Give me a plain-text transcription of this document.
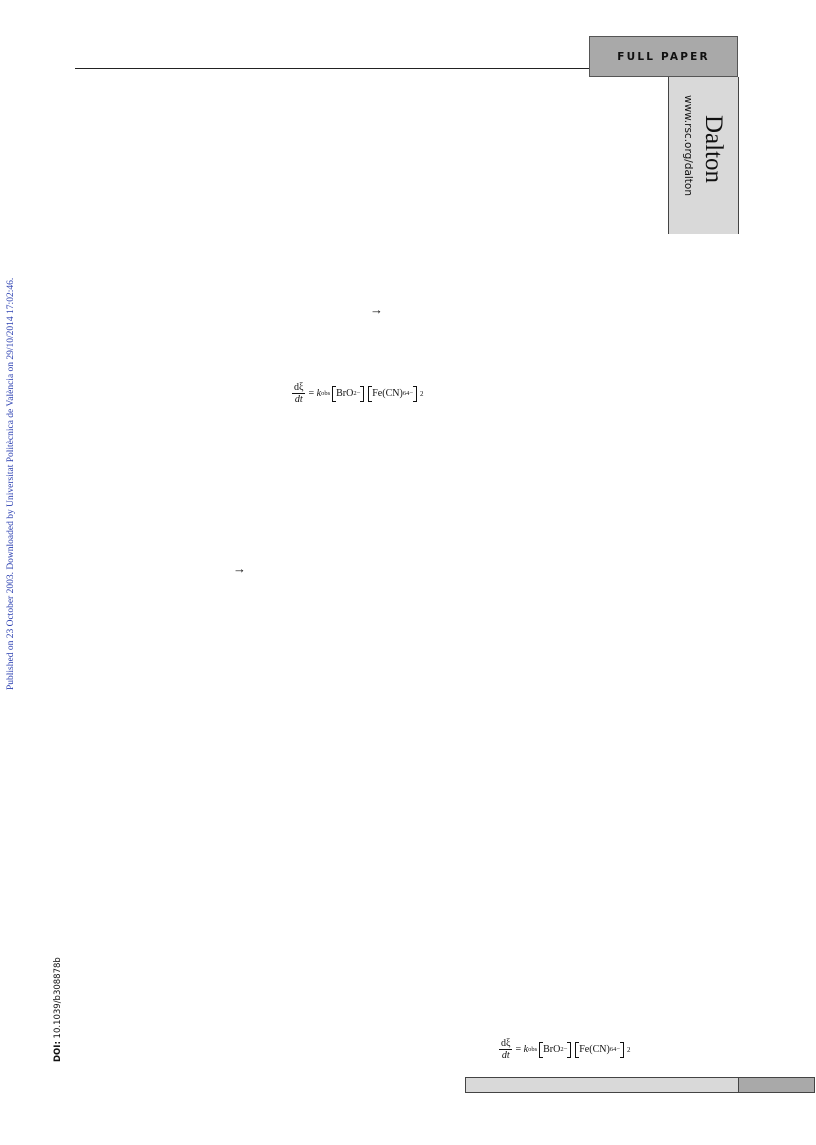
Published on 23 October 2003. Downloaded by Universitat Politècnica de València on 29/10/2014 17:02:46.
DOI: 10.1039/b308878b
FULL PAPER
Dalton
www.rsc.org/dalton
→
→
$\frac{d\xi}{dt}$ =
k obs BrO 2 − Fe(CN) 6 4− 2
$\frac{d\xi}{dt}$ =
k obs BrO 2 − Fe(CN) 6 4− 2
